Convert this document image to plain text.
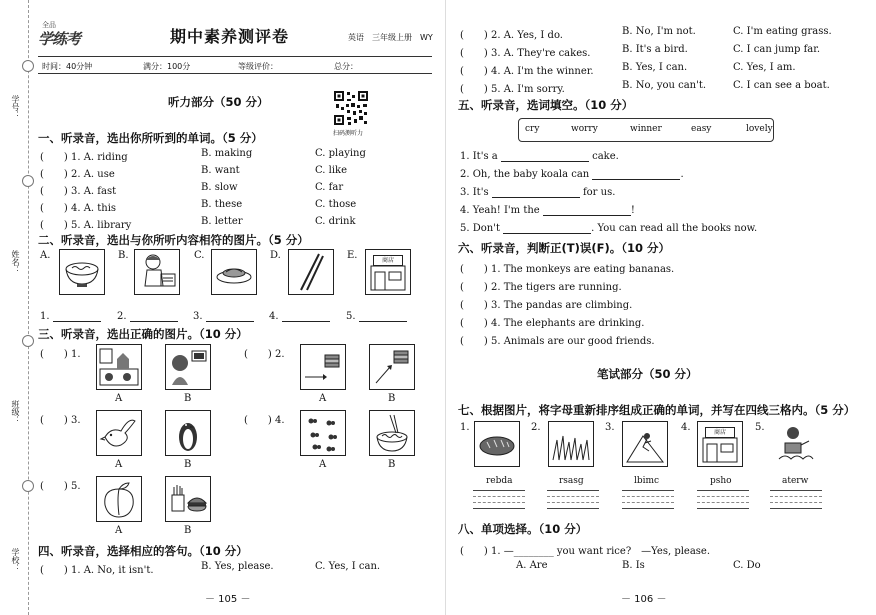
学号：
姓名：
班级：
学校：
全品
学练考	期中素养测评卷	英语　三年级上册　WY
时间：40分钟	满分：100分	等级评价：	总分：
听力部分（50 分）
扫码测听力
一、听录音，选出你所听到的单词。（5 分）
(　　) 1. A. riding	B. making	C. playing
(　　) 2. A. use	B. want	C. like
(　　) 3. A. fast	B. slow	C. far
(　　) 4. A. this	B. these	C. those
(　　) 5. A. library	B. letter	C. drink
二、听录音，选出与你所听内容相符的图片。（5 分）
A.	B.	C.	D.	E.	商店
1.	2.	3.	4.	5.
三、听录音，选出正确的图片。（10 分）
(　　) 1.
A	B
(　　) 2.
A	B
(　　) 3.
A	B
(　　) 4.
A	B
(　　) 5.
A	B
四、听录音，选择相应的答句。（10 分）
(　　) 1. A. No, it isn't.	B. Yes, please.	C. Yes, I can.
－ 105 －
(　　) 2. A. Yes, I do.	B. No, I'm not.	C. I'm eating grass.
(　　) 3. A. They're cakes.	B. It's a bird.	C. I can jump far.
(　　) 4. A. I'm the winner.	B. Yes, I can.	C. Yes, I am.
(　　) 5. A. I'm sorry.	B. No, you can't.	C. I can see a boat.
五、听录音，选词填空。（10 分）
cry	worry	winner	easy	lovely
1. It's a	cake.
2. Oh, the baby koala can	.
3. It's	for us.
4. Yeah! I'm the	!
5. Don't	. You can read all the books now.
六、听录音，判断正(T)误(F)。（10 分）
(　　) 1. The monkeys are eating bananas.
(　　) 2. The tigers are running.
(　　) 3. The pandas are climbing.
(　　) 4. The elephants are drinking.
(　　) 5. Animals are our good friends.
笔试部分（50 分）
七、根据图片，将字母重新排序组成正确的单词，并写在四线三格内。（5 分）
1.	2.	3.	4.	商店	5.
rebda	rsasg	lbimc	psho	aterw
八、单项选择。（10 分）
(　　) 1. —________ you want rice?　—Yes, please.
A. Are	B. Is	C. Do
－ 106 －
